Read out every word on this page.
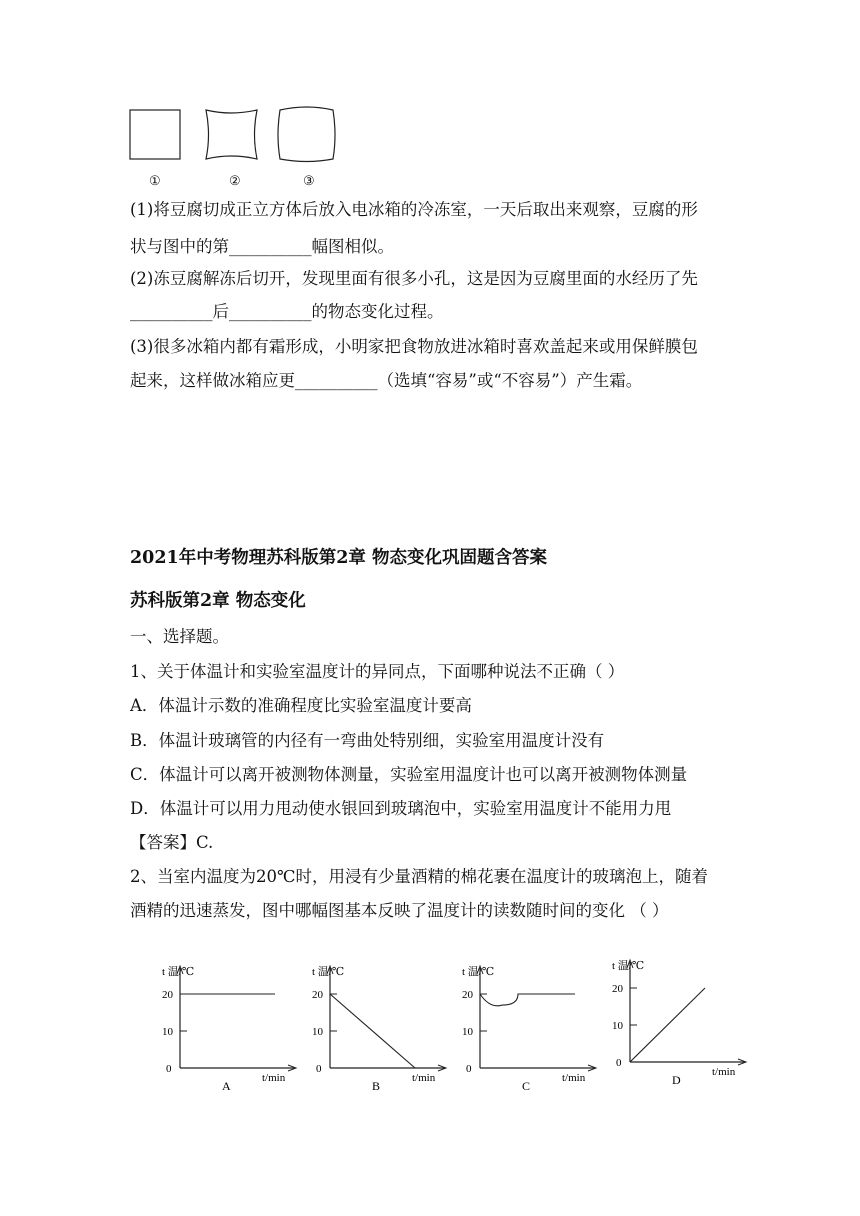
①	②	③
(1)将豆腐切成正立方体后放入电冰箱的冷冻室，一天后取出来观察，豆腐的形
状与图中的第__________幅图相似。
(2)冻豆腐解冻后切开，发现里面有很多小孔，这是因为豆腐里面的水经历了先
__________后__________的物态变化过程。
(3)很多冰箱内都有霜形成，小明家把食物放进冰箱时喜欢盖起来或用保鲜膜包
起来，这样做冰箱应更__________（选填“容易”或“不容易”）产生霜。
2021年中考物理苏科版第2章 物态变化巩固题含答案
苏科版第2章 物态变化
一、选择题。
1、关于体温计和实验室温度计的异同点，下面哪种说法不正确（ ）
A．体温计示数的准确程度比实验室温度计要高
B．体温计玻璃管的内径有一弯曲处特别细，实验室用温度计没有
C．体温计可以离开被测物体测量，实验室用温度计也可以离开被测物体测量
D．体温计可以用力甩动使水银回到玻璃泡中，实验室用温度计不能用力甩
【答案】C.
2、当室内温度为20℃时，用浸有少量酒精的棉花裹在温度计的玻璃泡上，随着
酒精的迅速蒸发，图中哪幅图基本反映了温度计的读数随时间的变化 （ ）
20
10
0
t 温/℃
t/min
A
20
10
0
t 温/℃
t/min
B
20
10
0
t 温/℃
t/min
C
20
10
0
t 温/℃
t/min
D
